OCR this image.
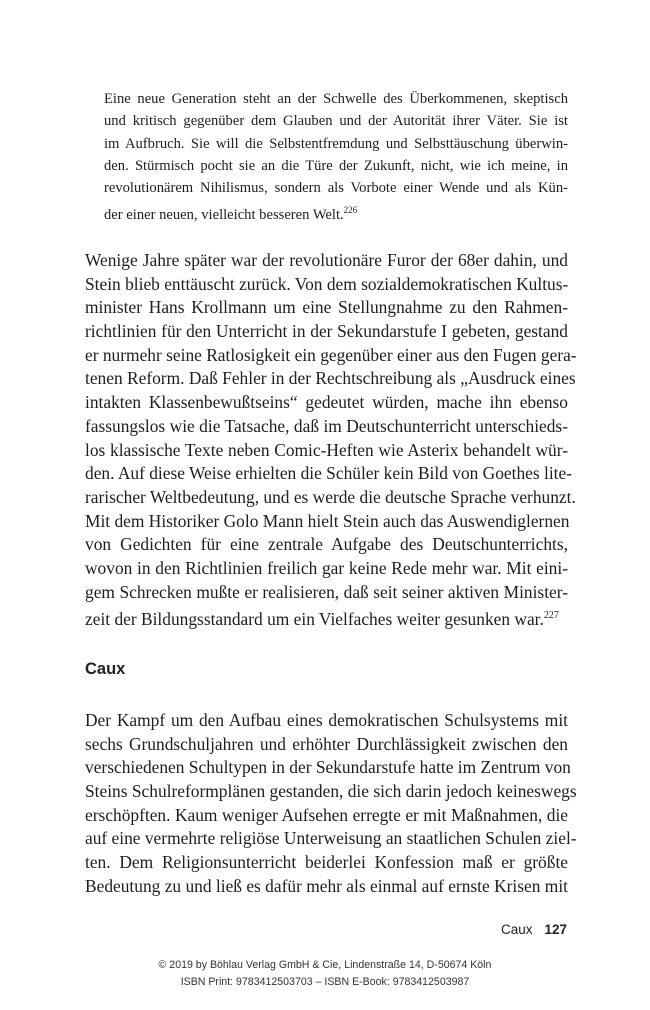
Eine neue Generation steht an der Schwelle des Überkommenen, skeptisch
und kritisch gegenüber dem Glauben und der Autorität ihrer Väter. Sie ist
im Aufbruch. Sie will die Selbstentfremdung und Selbsttäuschung überwin-
den. Stürmisch pocht sie an die Türe der Zukunft, nicht, wie ich meine, in
revolutionärem Nihilismus, sondern als Vorbote einer Wende und als Kün-
der einer neuen, vielleicht besseren Welt.$^{226}$
Wenige Jahre später war der revolutionäre Furor der 68er dahin, und
Stein blieb enttäuscht zurück. Von dem sozialdemokratischen Kultus-
minister Hans Krollmann um eine Stellungnahme zu den Rahmen-
richtlinien für den Unterricht in der Sekundarstufe I gebeten, gestand
er nurmehr seine Ratlosigkeit ein gegenüber einer aus den Fugen gera-
tenen Reform. Daß Fehler in der Rechtschreibung als „Ausdruck eines
intakten Klassenbewußtseins“ gedeutet würden, mache ihn ebenso
fassungslos wie die Tatsache, daß im Deutschunterricht unterschieds-
los klassische Texte neben Comic-Heften wie Asterix behandelt wür-
den. Auf diese Weise erhielten die Schüler kein Bild von Goethes lite-
rarischer Weltbedeutung, und es werde die deutsche Sprache verhunzt.
Mit dem Historiker Golo Mann hielt Stein auch das Auswendiglernen
von Gedichten für eine zentrale Aufgabe des Deutschunterrichts,
wovon in den Richtlinien freilich gar keine Rede mehr war. Mit eini-
gem Schrecken mußte er realisieren, daß seit seiner aktiven Minister-
zeit der Bildungsstandard um ein Vielfaches weiter gesunken war.$^{227}$
Caux
Der Kampf um den Aufbau eines demokratischen Schulsystems mit
sechs Grundschuljahren und erhöhter Durchlässigkeit zwischen den
verschiedenen Schultypen in der Sekundarstufe hatte im Zentrum von
Steins Schulreformplänen gestanden, die sich darin jedoch keineswegs
erschöpften. Kaum weniger Aufsehen erregte er mit Maßnahmen, die
auf eine vermehrte religiöse Unterweisung an staatlichen Schulen ziel-
ten. Dem Religionsunterricht beiderlei Konfession maß er größte
Bedeutung zu und ließ es dafür mehr als einmal auf ernste Krisen mit
Caux 127
© 2019 by Böhlau Verlag GmbH & Cie, Lindenstraße 14, D-50674 Köln
ISBN Print: 9783412503703 – ISBN E-Book: 9783412503987
